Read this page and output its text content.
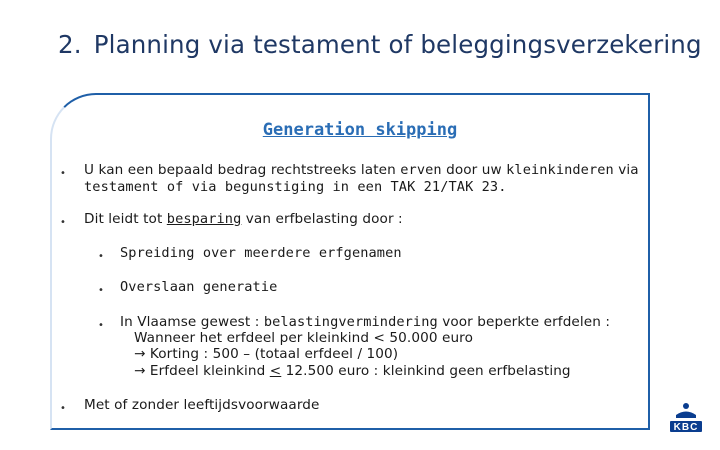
2. Planning via testament of beleggingsverzekering
Generation skipping
• U kan een bepaald bedrag rechtstreeks laten erven door uw kleinkinderen via
testament of via begunstiging in een TAK 21/TAK 23.
• Dit leidt tot besparing van erfbelasting door :
• Spreiding over meerdere erfgenamen
• Overslaan generatie
• In Vlaamse gewest : belastingvermindering voor beperkte erfdelen :
Wanneer het erfdeel per kleinkind < 50.000 euro
→ Korting : 500 – (totaal erfdeel / 100)
→ Erfdeel kleinkind < 12.500 euro : kleinkind geen erfbelasting
• Met of zonder leeftijdsvoorwaarde
KBC
